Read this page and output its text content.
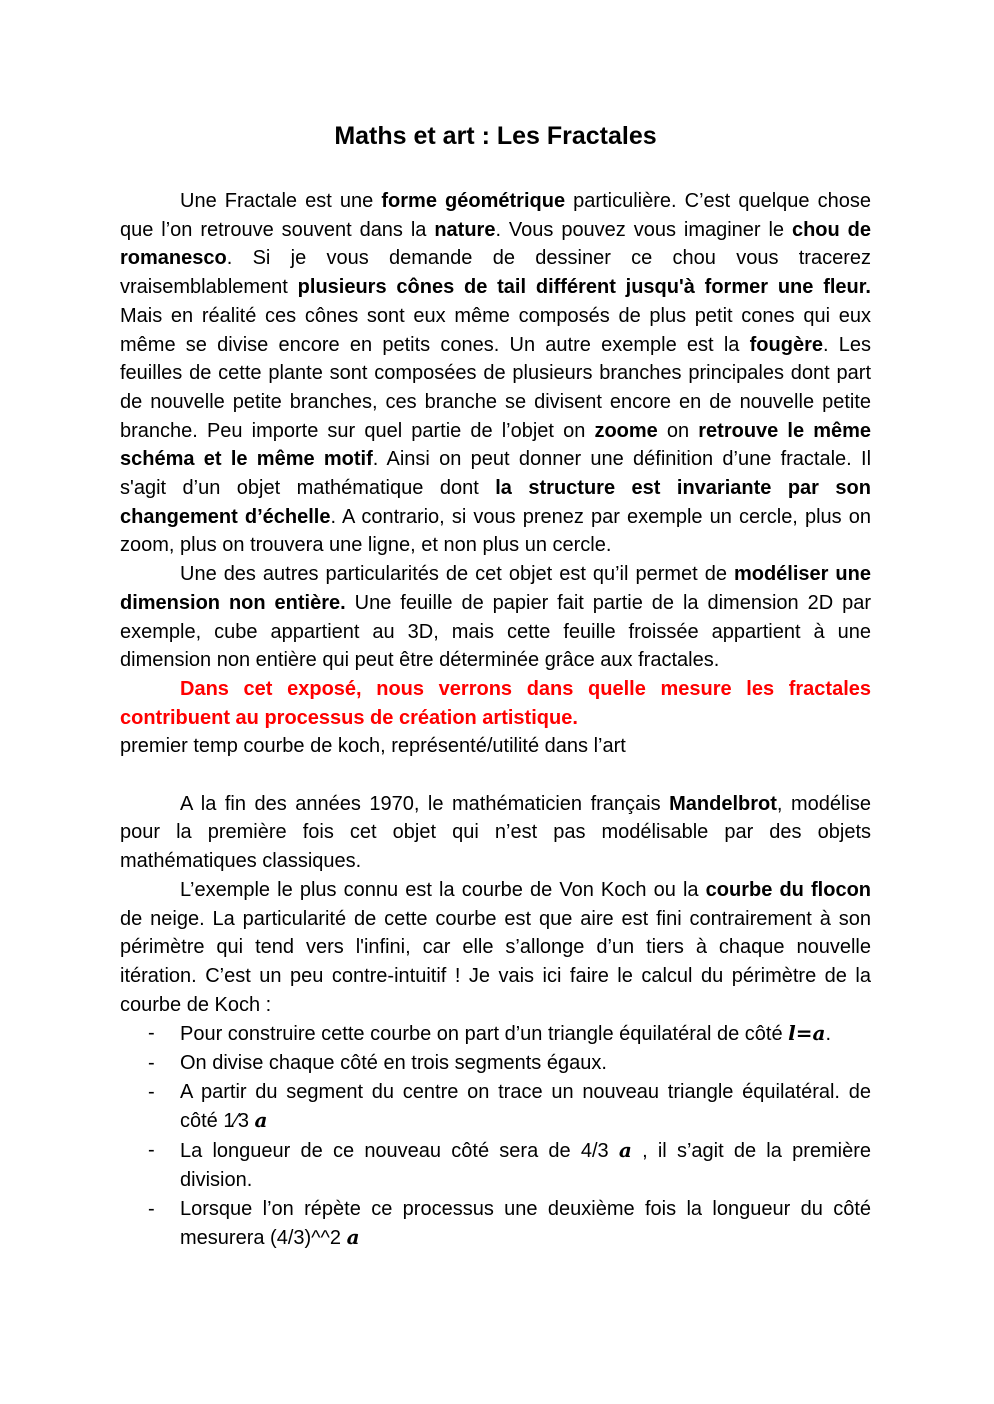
Maths et art : Les Fractales

Une Fractale est une forme géométrique particulière. C’est quelque chose que l’on retrouve souvent dans la nature. Vous pouvez vous imaginer le chou de romanesco. Si je vous demande de dessiner ce chou vous tracerez vraisemblablement plusieurs cônes de tail différent jusqu'à former une fleur. Mais en réalité ces cônes sont eux même composés de plus petit cones qui eux même se divise encore en petits cones. Un autre exemple est la fougère. Les feuilles de cette plante sont composées de plusieurs branches principales dont part de nouvelle petite branches, ces branche se divisent encore en de nouvelle petite branche. Peu importe sur quel partie de l’objet on zoome on retrouve le même schéma et le même motif. Ainsi on peut donner une définition d’une fractale. Il s'agit d’un objet mathématique dont la structure est invariante par son changement d’échelle. A contrario, si vous prenez par exemple un cercle, plus on zoom, plus on trouvera une ligne, et non plus un cercle.

Une des autres particularités de cet objet est qu’il permet de modéliser une dimension non entière. Une feuille de papier fait partie de la dimension 2D par exemple, cube appartient au 3D, mais cette feuille froissée appartient à une dimension non entière qui peut être déterminée grâce aux fractales.

Dans cet exposé, nous verrons dans quelle mesure les fractales contribuent au processus de création artistique.

premier temp courbe de koch, représenté/utilité dans l’art

A la fin des années 1970, le mathématicien français Mandelbrot, modélise pour la première fois cet objet qui n’est pas modélisable par des objets mathématiques classiques.

L’exemple le plus connu est la courbe de Von Koch ou la courbe du flocon de neige. La particularité de cette courbe est que aire est fini contrairement à son périmètre qui tend vers l'infini, car elle s’allonge d’un tiers à chaque nouvelle itération. C’est un peu contre-intuitif ! Je vais ici faire le calcul du périmètre de la courbe de Koch :

- Pour construire cette courbe on part d’un triangle équilatéral de côté l=a.
- On divise chaque côté en trois segments égaux.
- A partir du segment du centre on trace un nouveau triangle équilatéral. de côté 1⁄3 a
- La longueur de ce nouveau côté sera de 4/3 a , il s’agit de la première division.
- Lorsque l’on répète ce processus une deuxième fois la longueur du côté mesurera (4/3)^^2 a
